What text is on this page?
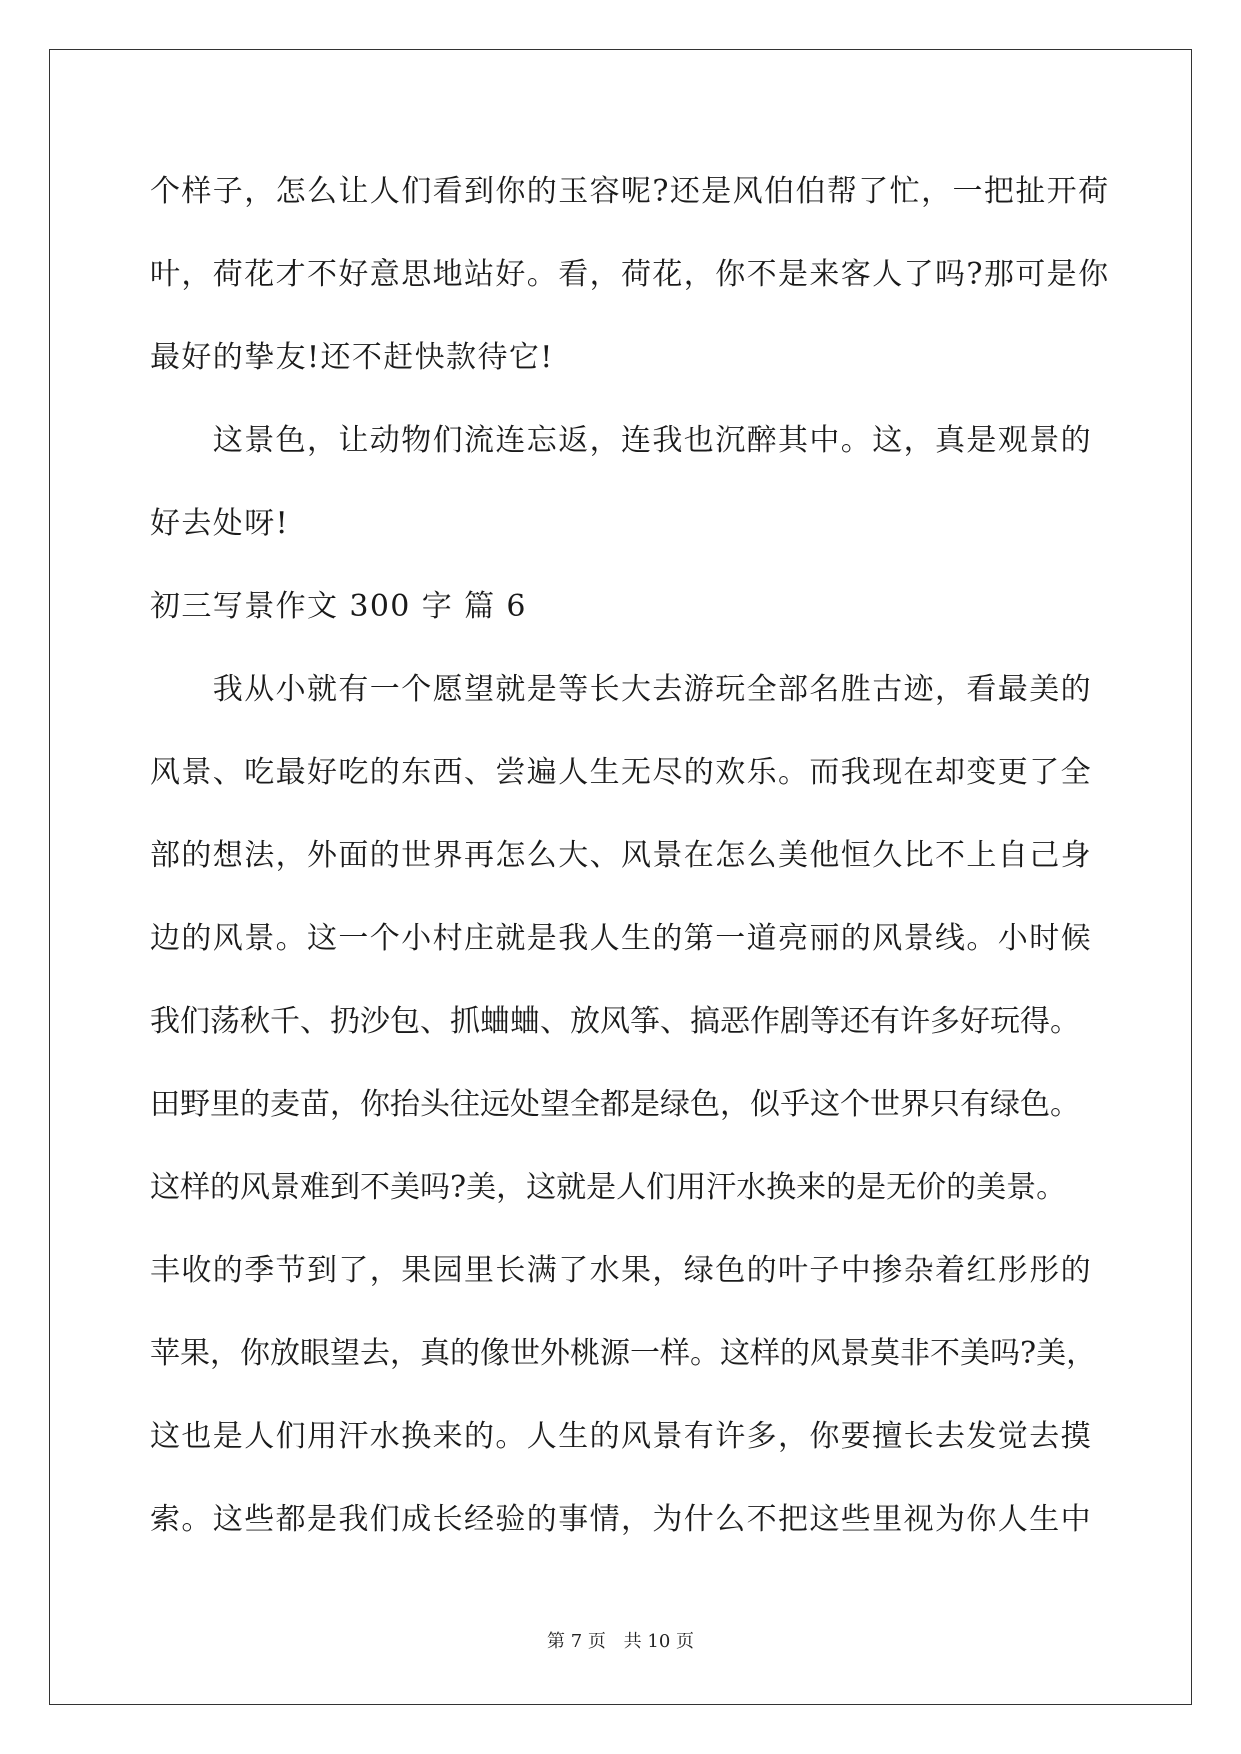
个样子，怎么让人们看到你的玉容呢?还是风伯伯帮了忙，一把扯开荷
叶，荷花才不好意思地站好。看，荷花，你不是来客人了吗?那可是你
最好的挚友!还不赶快款待它!
　　这景色，让动物们流连忘返，连我也沉醉其中。这，真是观景的
好去处呀!
初三写景作文 300 字 篇 6
　　我从小就有一个愿望就是等长大去游玩全部名胜古迹，看最美的
风景、吃最好吃的东西、尝遍人生无尽的欢乐。而我现在却变更了全
部的想法，外面的世界再怎么大、风景在怎么美他恒久比不上自己身
边的风景。这一个小村庄就是我人生的第一道亮丽的风景线。小时候
我们荡秋千、扔沙包、抓蛐蛐、放风筝、搞恶作剧等还有许多好玩得。
田野里的麦苗，你抬头往远处望全都是绿色，似乎这个世界只有绿色。
这样的风景难到不美吗?美，这就是人们用汗水换来的是无价的美景。
丰收的季节到了，果园里长满了水果，绿色的叶子中掺杂着红彤彤的
苹果，你放眼望去，真的像世外桃源一样。这样的风景莫非不美吗?美，
这也是人们用汗水换来的。人生的风景有许多，你要擅长去发觉去摸
索。这些都是我们成长经验的事情，为什么不把这些里视为你人生中
第 7 页 共 10 页
